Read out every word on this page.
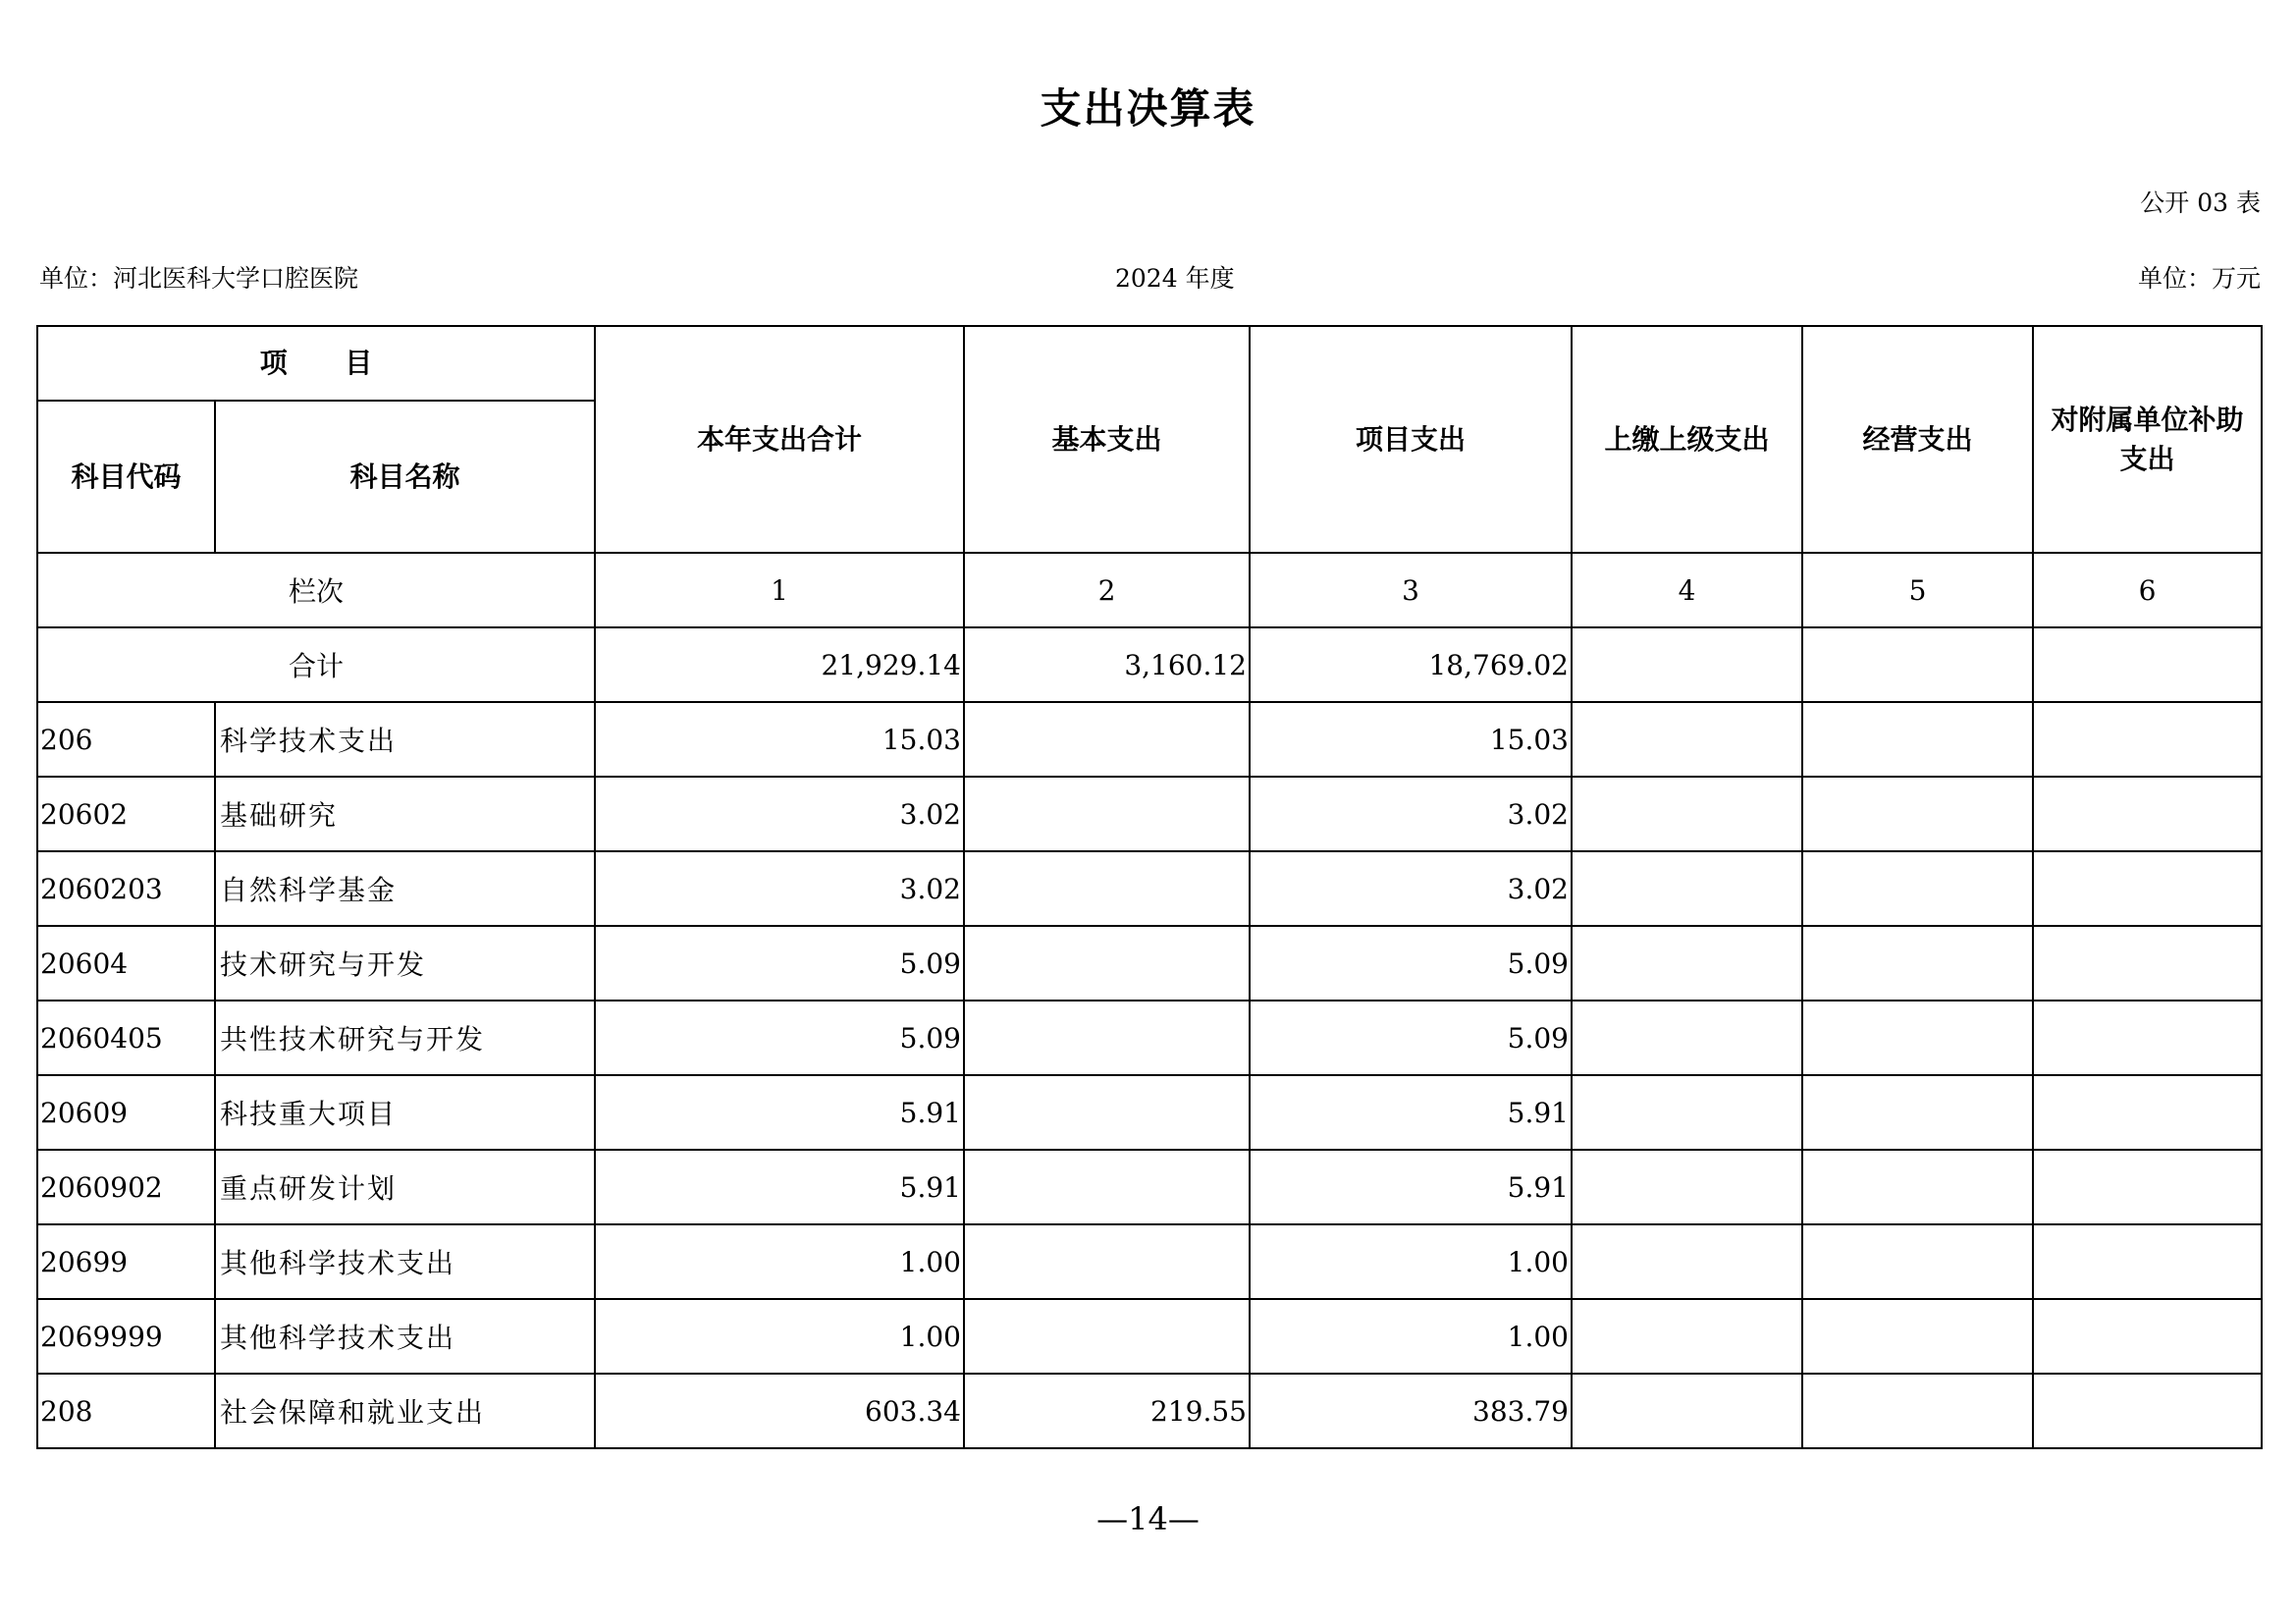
支出决算表
公开 03 表
单位：河北医科大学口腔医院	2024 年度	单位：万元
项      目		本年支出合计	基本支出	项目支出	上缴上级支出	经营支出	对附属单位补助支出
科目代码	科目名称						
栏次		1	2	3	4	5	6
合计		21,929.14	3,160.12	18,769.02			
206	科学技术支出	15.03		15.03			
20602	基础研究	3.02		3.02			
2060203	自然科学基金	3.02		3.02			
20604	技术研究与开发	5.09		5.09			
2060405	共性技术研究与开发	5.09		5.09			
20609	科技重大项目	5.91		5.91			
2060902	重点研发计划	5.91		5.91			
20699	其他科学技术支出	1.00		1.00			
2069999	其他科学技术支出	1.00		1.00			
208	社会保障和就业支出	603.34	219.55	383.79			
—14—
